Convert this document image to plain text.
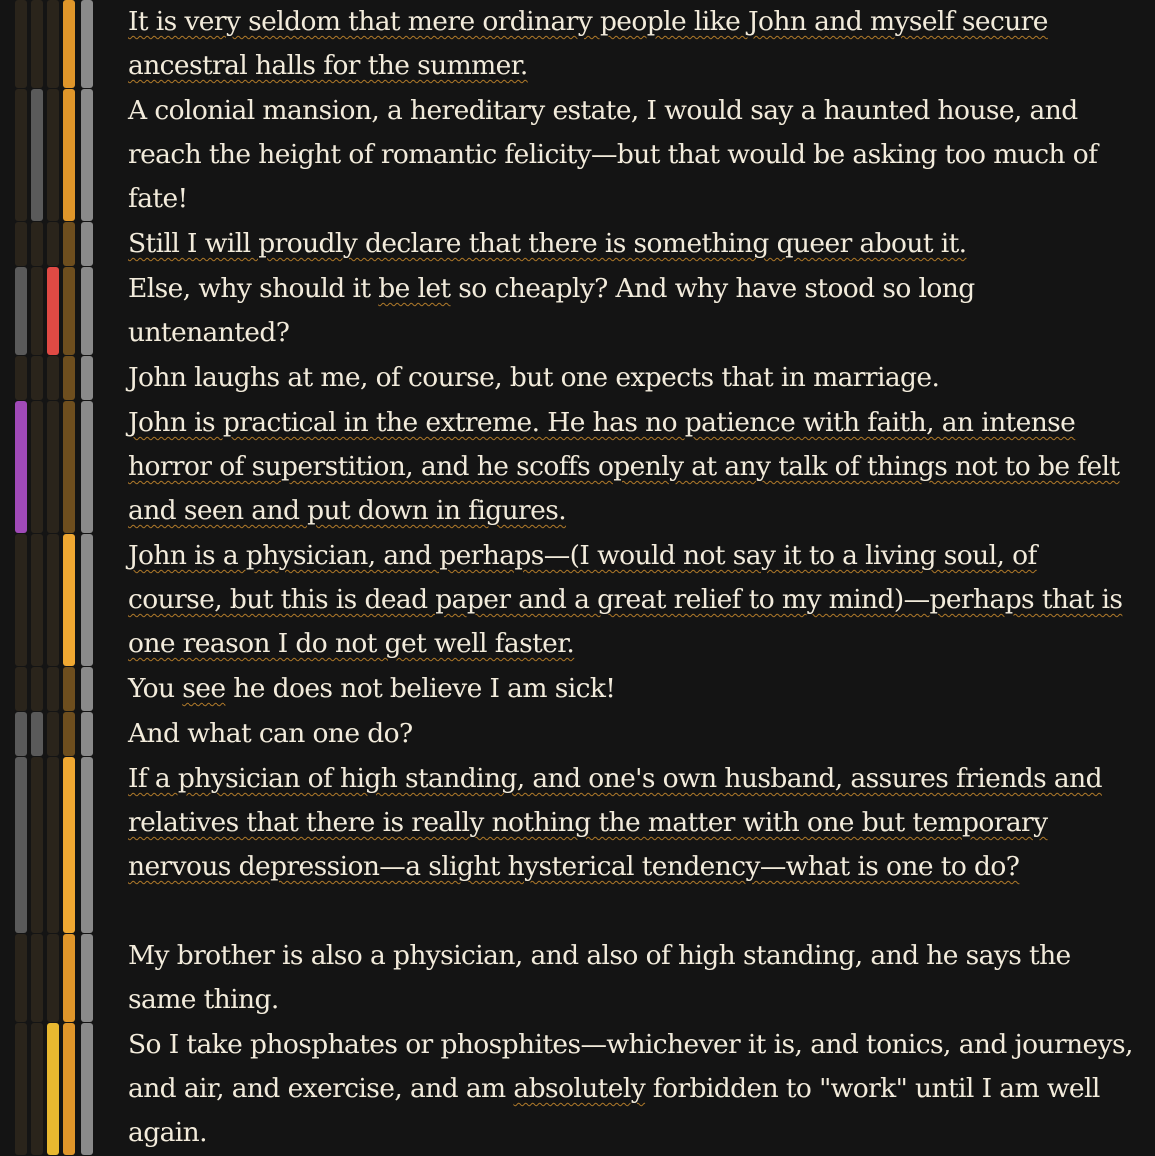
It is very seldom that mere ordinary people like John and myself secure ancestral halls for the summer.
A colonial mansion, a hereditary estate, I would say a haunted house, and reach the height of romantic felicity—but that would be asking too much of fate!
Still I will proudly declare that there is something queer about it.
Else, why should it be let so cheaply? And why have stood so long untenanted?
John laughs at me, of course, but one expects that in marriage.
John is practical in the extreme. He has no patience with faith, an intense horror of superstition, and he scoffs openly at any talk of things not to be felt and seen and put down in figures.
John is a physician, and perhaps—(I would not say it to a living soul, of course, but this is dead paper and a great relief to my mind)—perhaps that is one reason I do not get well faster.
You see he does not believe I am sick!
And what can one do?
If a physician of high standing, and one's own husband, assures friends and relatives that there is really nothing the matter with one but temporary nervous depression—a slight hysterical tendency—what is one to do?
My brother is also a physician, and also of high standing, and he says the same thing.
So I take phosphates or phosphites—whichever it is, and tonics, and journeys, and air, and exercise, and am absolutely forbidden to "work" until I am well again.
